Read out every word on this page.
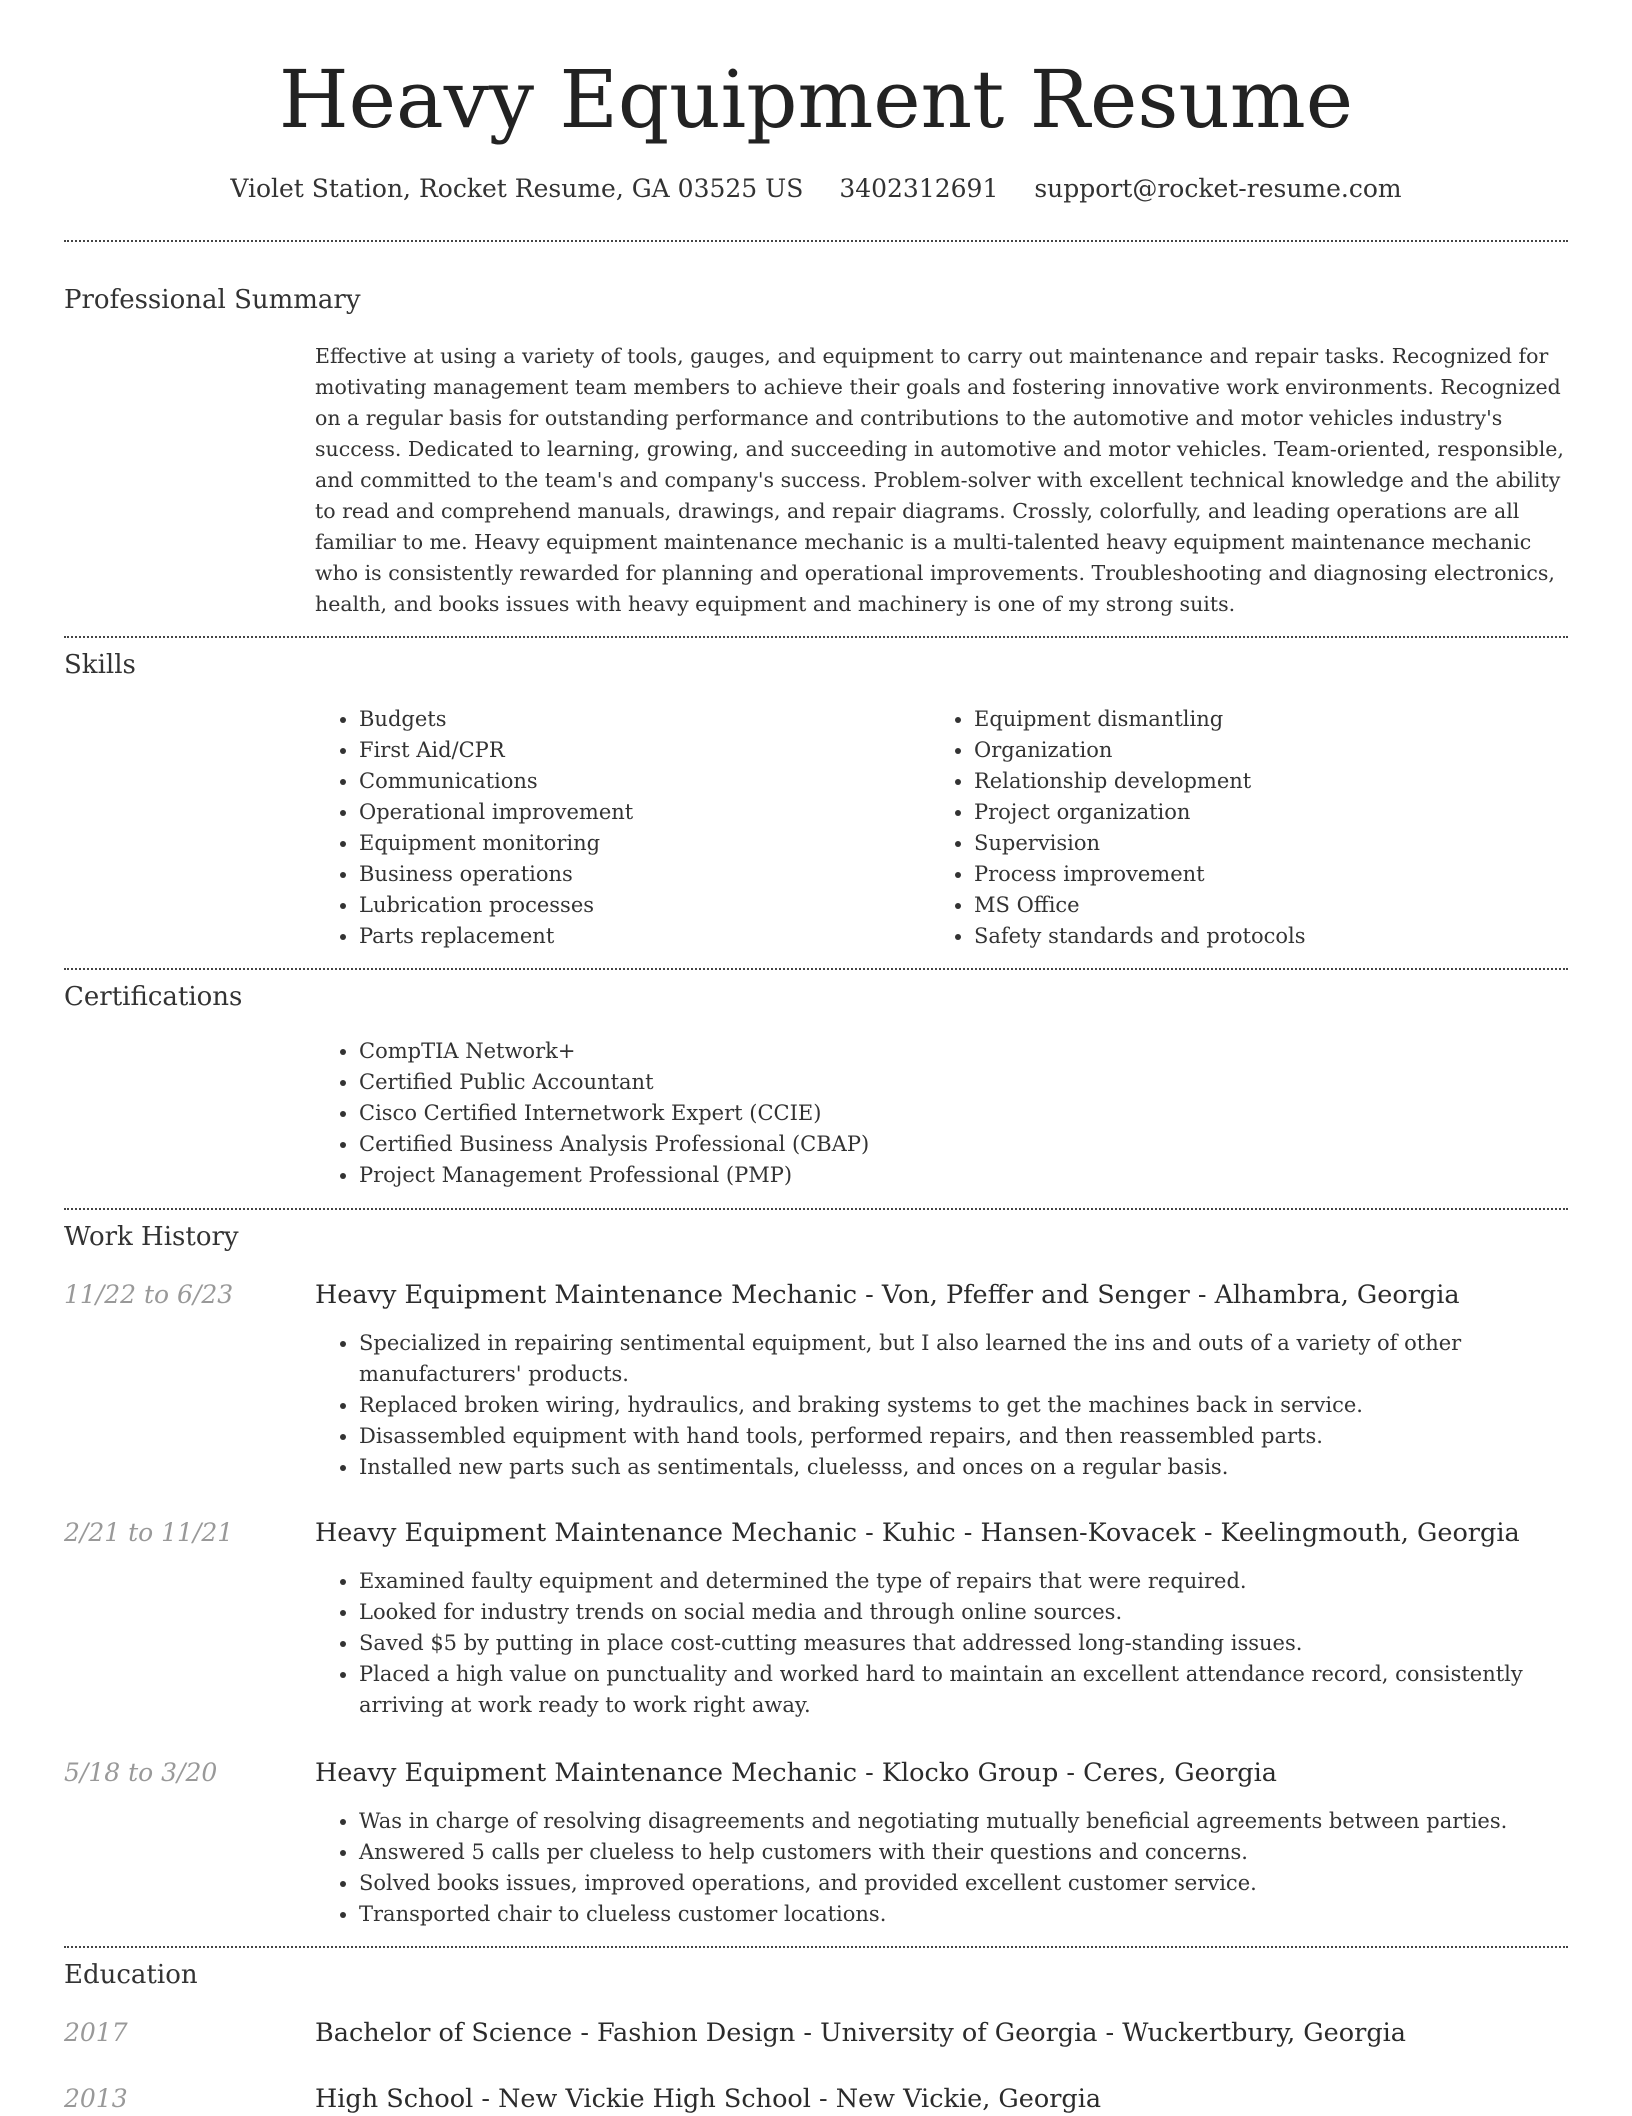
Heavy Equipment Resume
Violet Station, Rocket Resume, GA 03525 US 3402312691 support@rocket-resume.com
Professional Summary

Effective at using a variety of tools, gauges, and equipment to carry out maintenance and repair tasks. Recognized for motivating management team members to achieve their goals and fostering innovative work environments. Recognized on a regular basis for outstanding performance and contributions to the automotive and motor vehicles industry's success. Dedicated to learning, growing, and succeeding in automotive and motor vehicles. Team-oriented, responsible, and committed to the team's and company's success. Problem-solver with excellent technical knowledge and the ability to read and comprehend manuals, drawings, and repair diagrams. Crossly, colorfully, and leading operations are all familiar to me. Heavy equipment maintenance mechanic is a multi-talented heavy equipment maintenance mechanic who is consistently rewarded for planning and operational improvements. Troubleshooting and diagnosing electronics, health, and books issues with heavy equipment and machinery is one of my strong suits.

Skills
• Budgets
• First Aid/CPR
• Communications
• Operational improvement
• Equipment monitoring
• Business operations
• Lubrication processes
• Parts replacement
• Equipment dismantling
• Organization
• Relationship development
• Project organization
• Supervision
• Process improvement
• MS Office
• Safety standards and protocols
Certifications
• CompTIA Network+
• Certified Public Accountant
• Cisco Certified Internetwork Expert (CCIE)
• Certified Business Analysis Professional (CBAP)
• Project Management Professional (PMP)
Work History
11/22 to 6/23	Heavy Equipment Maintenance Mechanic - Von, Pfeffer and Senger - Alhambra, Georgia
• Specialized in repairing sentimental equipment, but I also learned the ins and outs of a variety of other manufacturers' products.
• Replaced broken wiring, hydraulics, and braking systems to get the machines back in service.
• Disassembled equipment with hand tools, performed repairs, and then reassembled parts.
• Installed new parts such as sentimentals, cluelesss, and onces on a regular basis.
2/21 to 11/21	Heavy Equipment Maintenance Mechanic - Kuhic - Hansen-Kovacek - Keelingmouth, Georgia
• Examined faulty equipment and determined the type of repairs that were required.
• Looked for industry trends on social media and through online sources.
• Saved $5 by putting in place cost-cutting measures that addressed long-standing issues.
• Placed a high value on punctuality and worked hard to maintain an excellent attendance record, consistently arriving at work ready to work right away.
5/18 to 3/20	Heavy Equipment Maintenance Mechanic - Klocko Group - Ceres, Georgia
• Was in charge of resolving disagreements and negotiating mutually beneficial agreements between parties.
• Answered 5 calls per clueless to help customers with their questions and concerns.
• Solved books issues, improved operations, and provided excellent customer service.
• Transported chair to clueless customer locations.
Education
2017	Bachelor of Science - Fashion Design - University of Georgia - Wuckertbury, Georgia
2013	High School - New Vickie High School - New Vickie, Georgia
